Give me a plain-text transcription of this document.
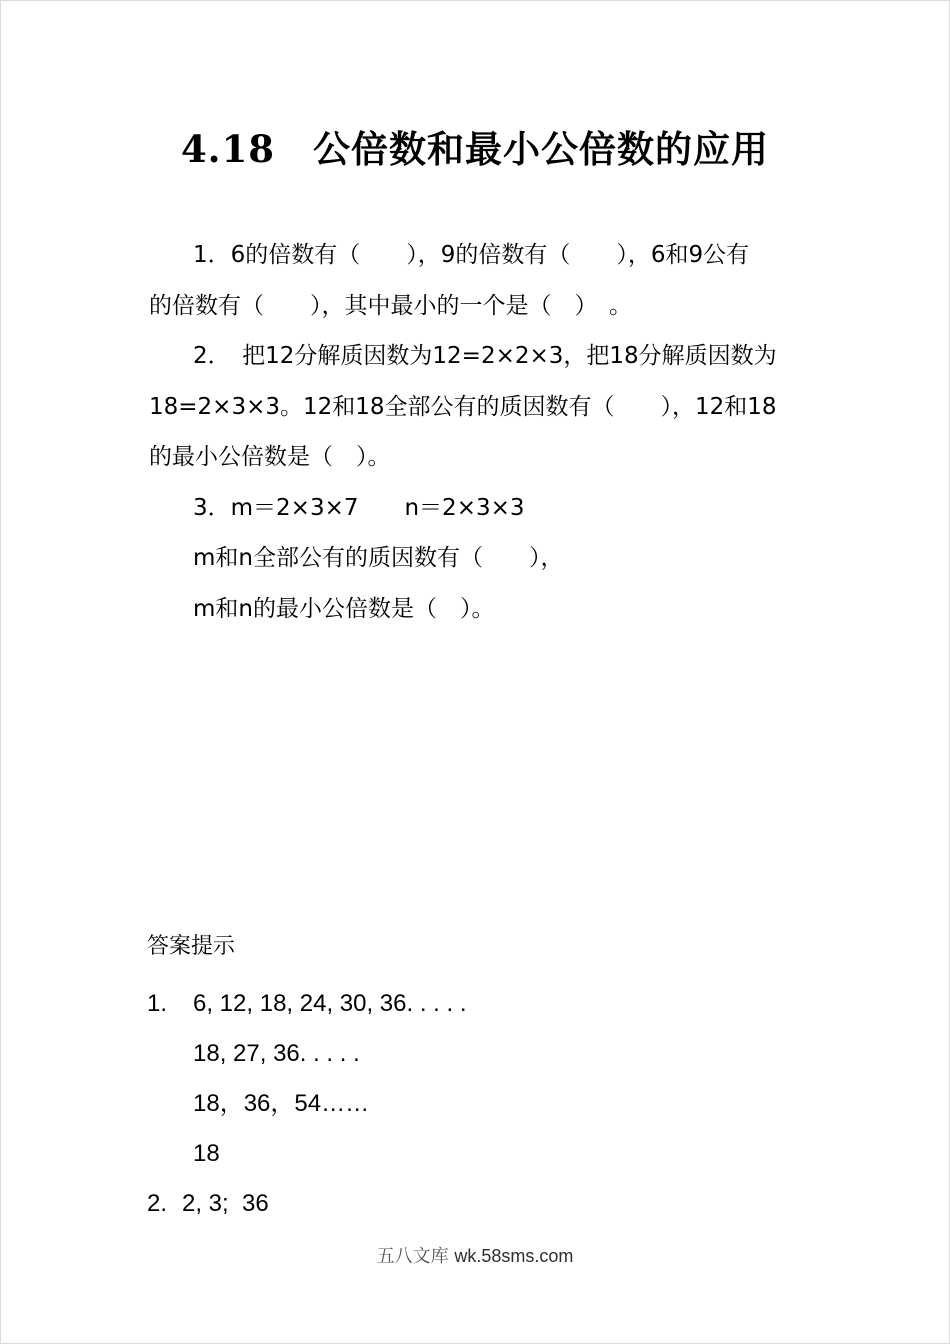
4.18　公倍数和最小公倍数的应用

1．6的倍数有（　　），9的倍数有（　　），6和9公有

的倍数有（　　），其中最小的一个是（　）　。

2．　把12分解质因数为12=2×2×3，把18分解质因数为

18=2×3×3。12和18全部公有的质因数有（　　），12和18

的最小公倍数是（　）。

3．m＝2×3×7　　n＝2×3×3

m和n全部公有的质因数有（　　），

m和n的最小公倍数是（　）。

答案提示

1.	6, 12, 18, 24, 30, 36. . . . .

18, 27, 36. . . . .

18，36，54……

18

2. 2, 3;  36
五八文库 wk.58sms.com
